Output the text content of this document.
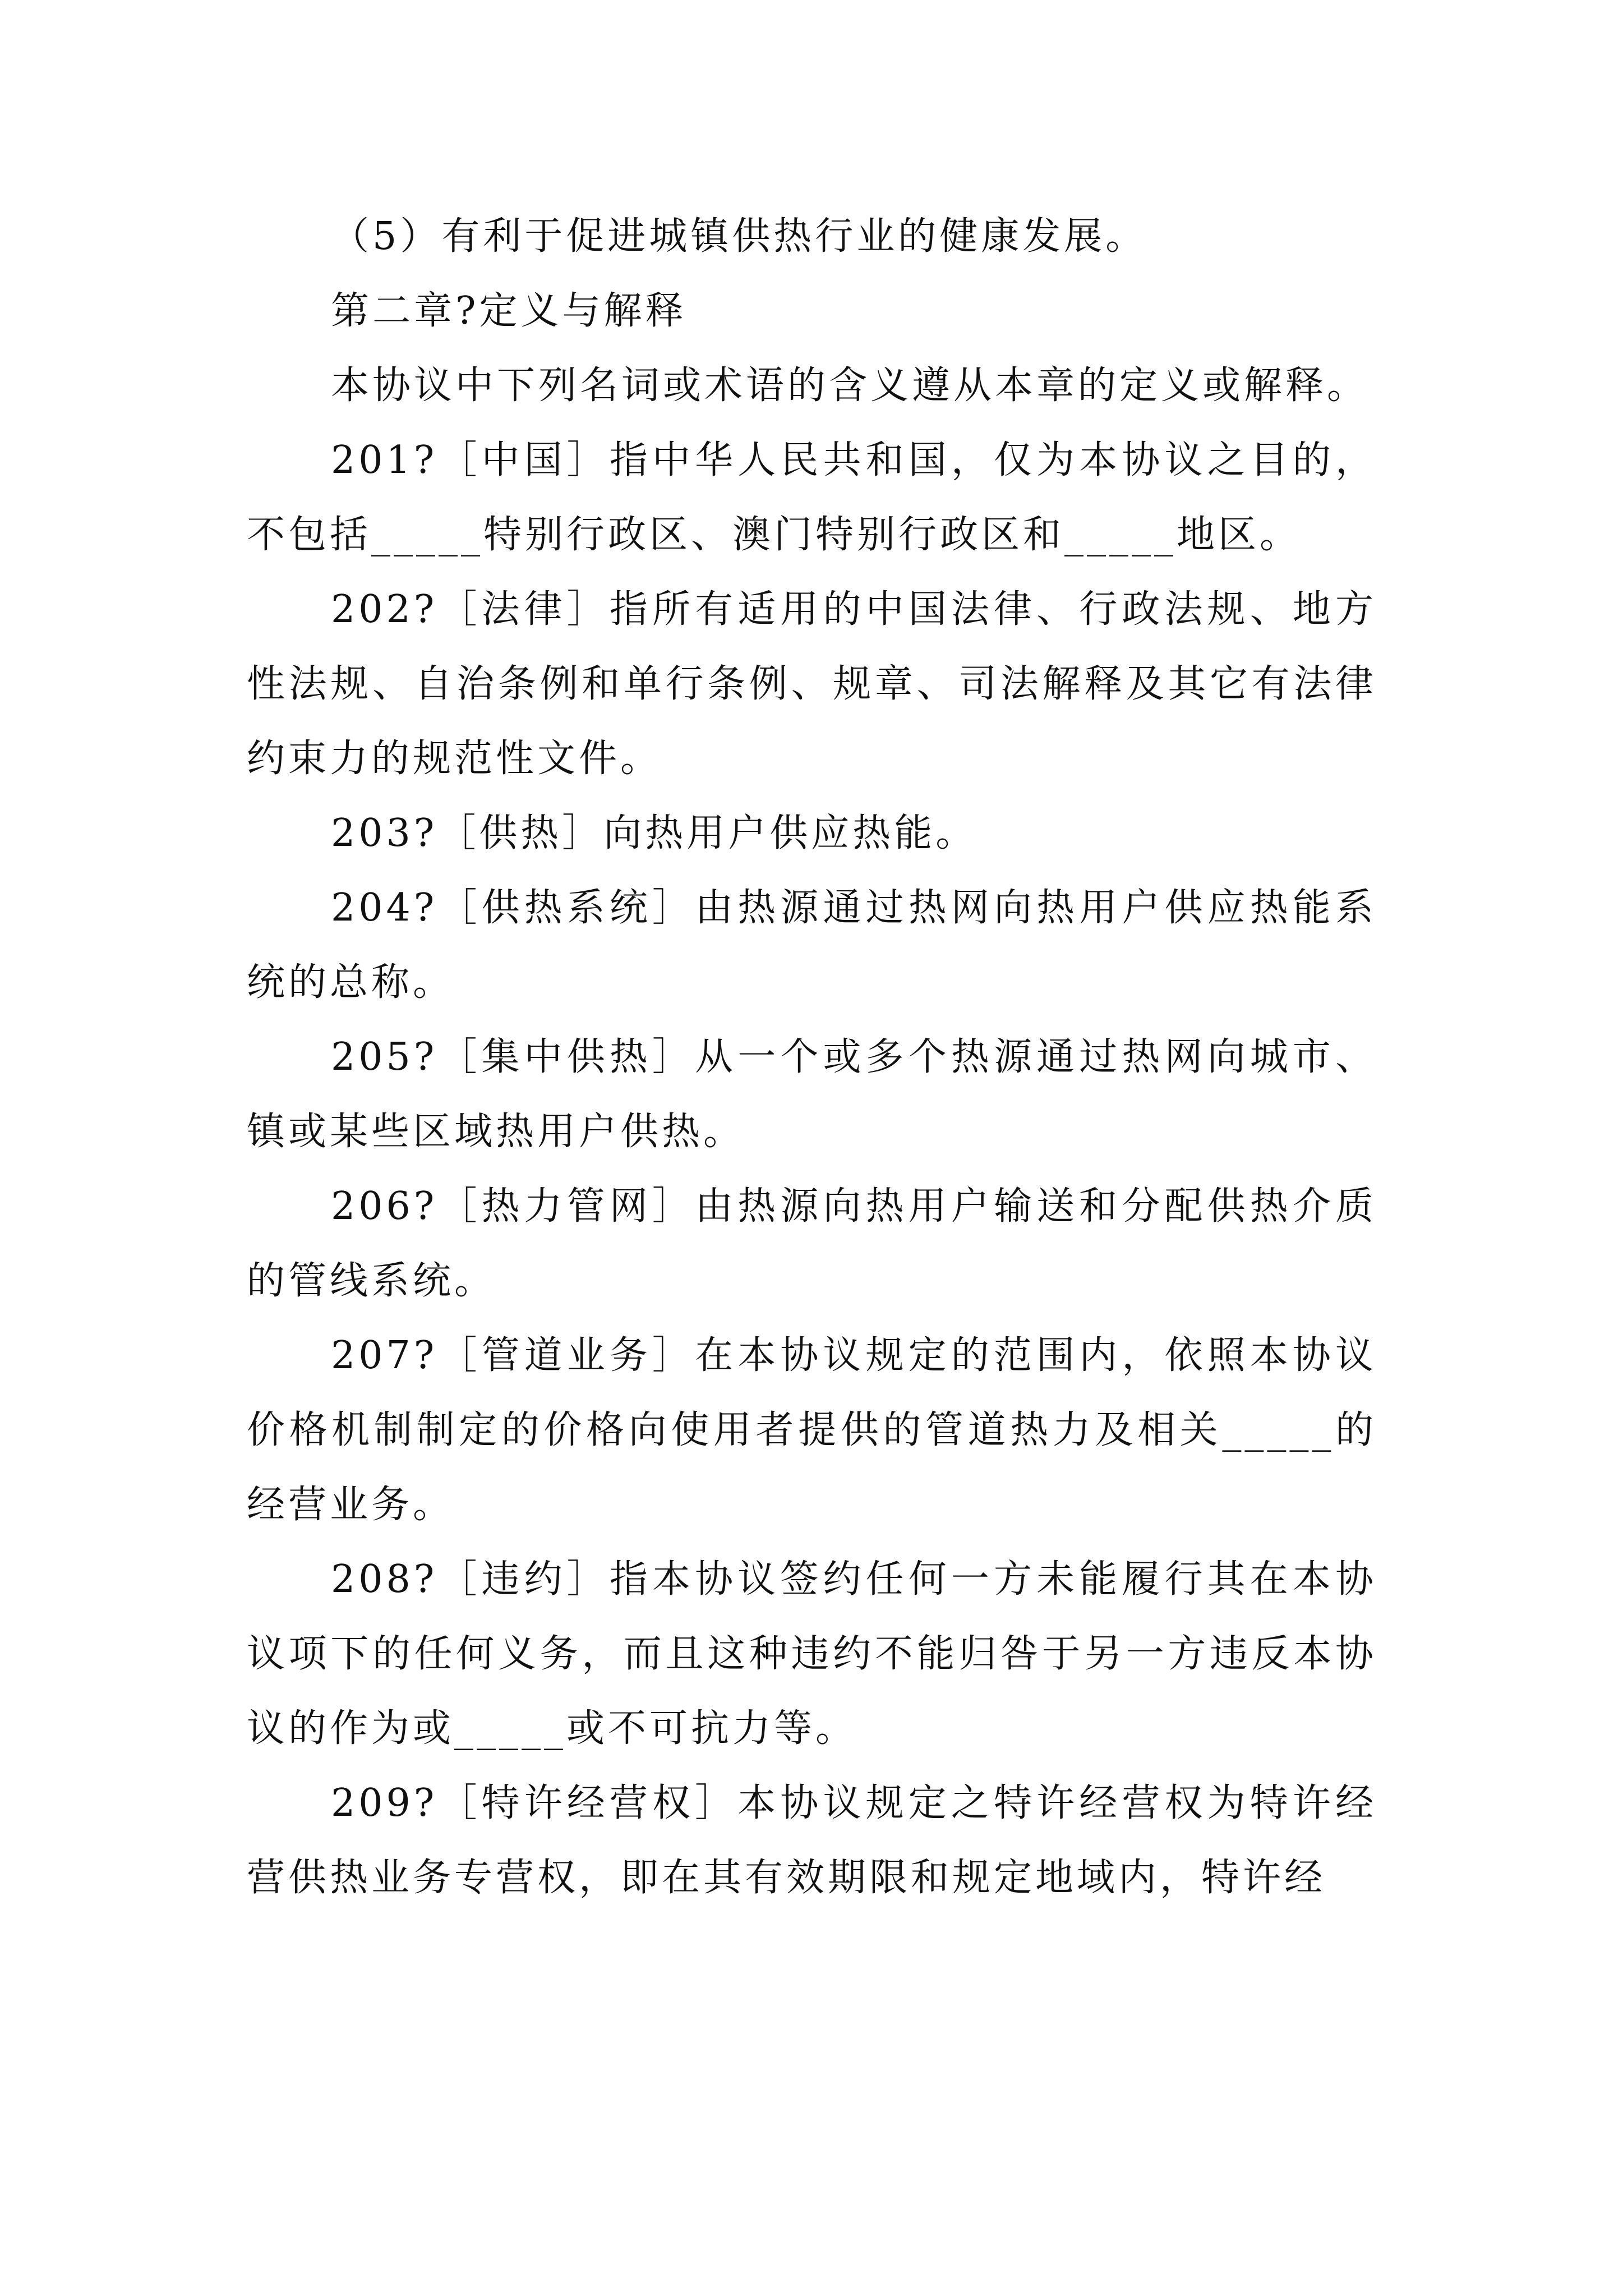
（5）有利于促进城镇供热行业的健康发展。

第二章?定义与解释

本协议中下列名词或术语的含义遵从本章的定义或解释。

201?［中国］指中华人民共和国，仅为本协议之目的，不包括_____特别行政区、澳门特别行政区和_____地区。

202?［法律］指所有适用的中国法律、行政法规、地方性法规、自治条例和单行条例、规章、司法解释及其它有法律约束力的规范性文件。

203?［供热］向热用户供应热能。

204?［供热系统］由热源通过热网向热用户供应热能系统的总称。

205?［集中供热］从一个或多个热源通过热网向城市、镇或某些区域热用户供热。

206?［热力管网］由热源向热用户输送和分配供热介质的管线系统。

207?［管道业务］在本协议规定的范围内，依照本协议价格机制制定的价格向使用者提供的管道热力及相关_____的经营业务。

208?［违约］指本协议签约任何一方未能履行其在本协议项下的任何义务，而且这种违约不能归咎于另一方违反本协议的作为或_____或不可抗力等。

209?［特许经营权］本协议规定之特许经营权为特许经营供热业务专营权，即在其有效期限和规定地域内，特许经
